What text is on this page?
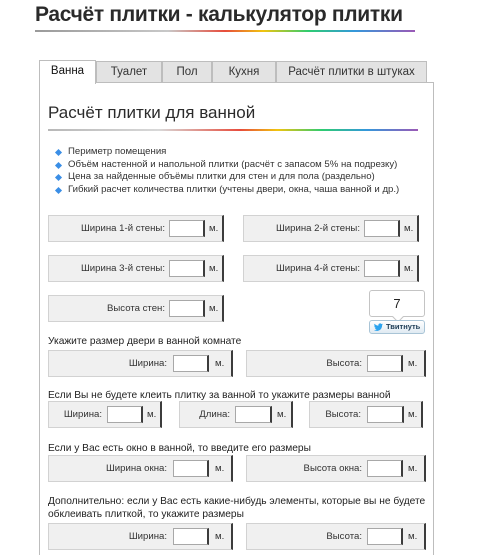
Расчёт плитки - калькулятор плитки
Ванна	Туалет	Пол	Кухня	Расчёт плитки в штуках
Расчёт плитки для ванной
Периметр помещения
Объём настенной и напольной плитки (расчёт с запасом 5% на подрезку)
Цена за найденные объёмы плитки для стен и для пола (раздельно)
Гибкий расчет количества плитки (учтены двери, окна, чаша ванной и др.)
Ширина 1-й стены:	м.	Ширина 2-й стены:	м.
Ширина 3-й стены:	м.	Ширина 4-й стены:	м.
Высота стен:	м.	7
Твитнуть
Укажите размер двери в ванной комнате
Ширина:	м.	Высота:	м.
Если Вы не будете клеить плитку за ванной то укажите размеры ванной
Ширина:	м.	Длина:	м.	Высота:	м.
Если у Вас есть окно в ванной, то введите его размеры
Ширина окна:	м.	Высота окна:	м.
Дополнительно: если у Вас есть какие-нибудь элементы, которые вы не будете
обклеивать плиткой, то укажите размеры
Ширина:	м.	Высота:	м.
